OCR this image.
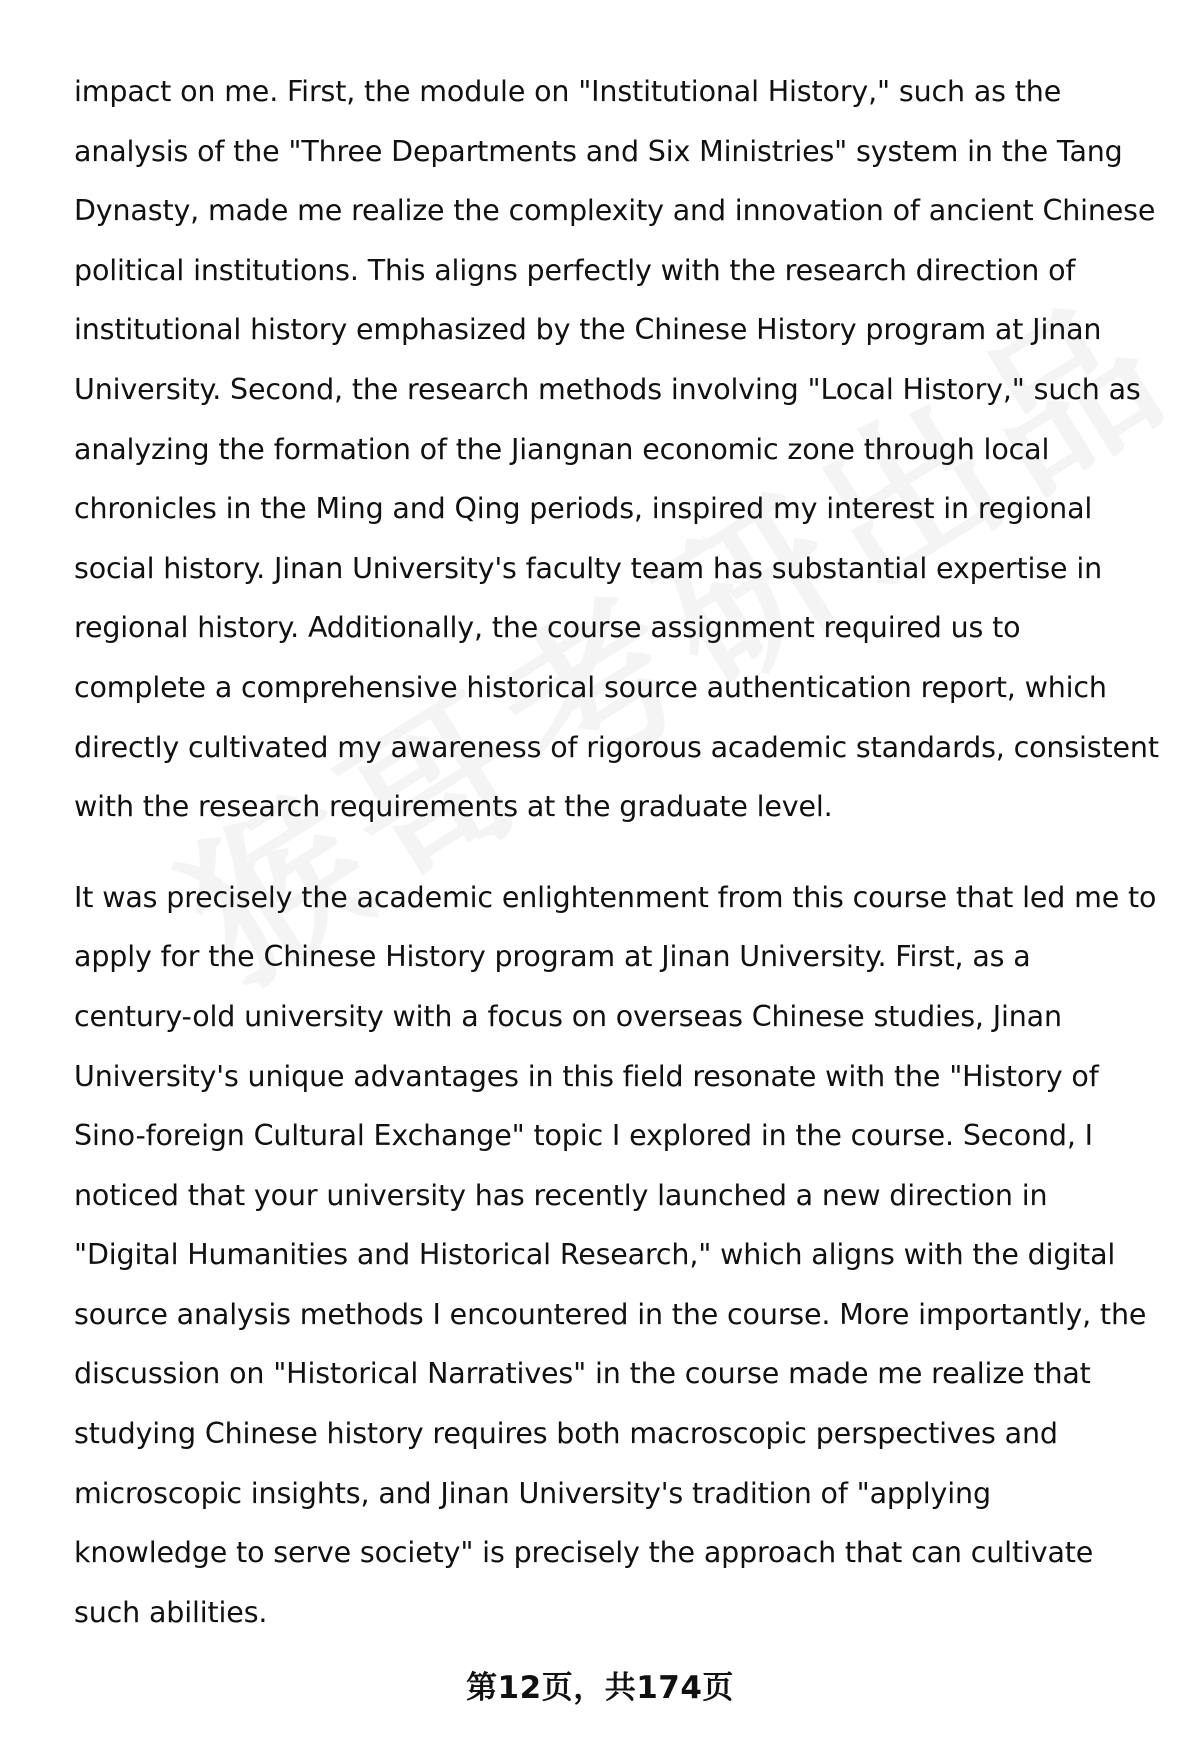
impact on me. First, the module on "Institutional History," such as the
analysis of the "Three Departments and Six Ministries" system in the Tang
Dynasty, made me realize the complexity and innovation of ancient Chinese
political institutions. This aligns perfectly with the research direction of
institutional history emphasized by the Chinese History program at Jinan
University. Second, the research methods involving "Local History," such as
analyzing the formation of the Jiangnan economic zone through local
chronicles in the Ming and Qing periods, inspired my interest in regional
social history. Jinan University's faculty team has substantial expertise in
regional history. Additionally, the course assignment required us to
complete a comprehensive historical source authentication report, which
directly cultivated my awareness of rigorous academic standards, consistent
with the research requirements at the graduate level.
It was precisely the academic enlightenment from this course that led me to
apply for the Chinese History program at Jinan University. First, as a
century-old university with a focus on overseas Chinese studies, Jinan
University's unique advantages in this field resonate with the "History of
Sino-foreign Cultural Exchange" topic I explored in the course. Second, I
noticed that your university has recently launched a new direction in
"Digital Humanities and Historical Research," which aligns with the digital
source analysis methods I encountered in the course. More importantly, the
discussion on "Historical Narratives" in the course made me realize that
studying Chinese history requires both macroscopic perspectives and
microscopic insights, and Jinan University's tradition of "applying
knowledge to serve society" is precisely the approach that can cultivate
such abilities.
第12页，共174页
